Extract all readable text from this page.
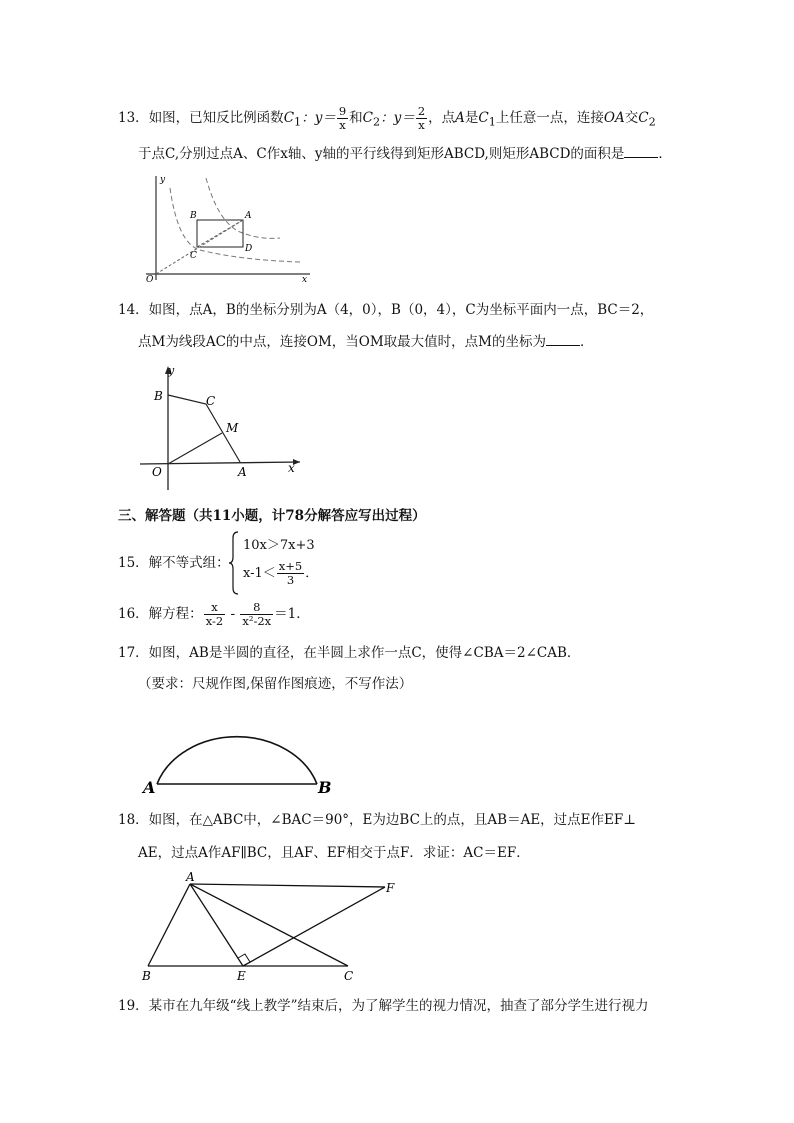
13．如图，已知反比例函数$C_1$：$y= \frac{9}{x}$ 和$C_2$：$y= \frac{2}{x}$ ，点A是$C_1$上任意一点，连接OA交$C_2$
于点C,分别过点A、C作x轴、y轴的平行线得到矩形ABCD,则矩形ABCD的面积是	．
y
x
O
B	A
C
D
14．如图，点A，B的坐标分别为A（4，0），B（0，4），C为坐标平面内一点，BC＝2，
点M为线段AC的中点，连接OM，当OM取最大值时，点M的坐标为	．
y
x
O
B	C
M
A
三、解答题（共11小题，计78分解答应写出过程）
15．解不等式组：
10x＞7x+3
$x-1< \frac{x+5}{3}$ ．
16．解方程： $\frac{x}{x-2} - \frac{8}{\text{x²-2x}} =1$．
17．如图，AB是半圆的直径，在半圆上求作一点C，使得∠CBA＝2∠CAB．
（要求：尺规作图,保留作图痕迹，不写作法）
A	B
18．如图，在△ABC中，∠BAC＝90°，E为边BC上的点，且AB＝AE，过点E作EF⊥
AE，过点A作AF∥BC，且AF、EF相交于点F．求证：AC＝EF．
A
F
B	E	C
19．某市在九年级“线上教学”结束后，为了解学生的视力情况，抽查了部分学生进行视力
